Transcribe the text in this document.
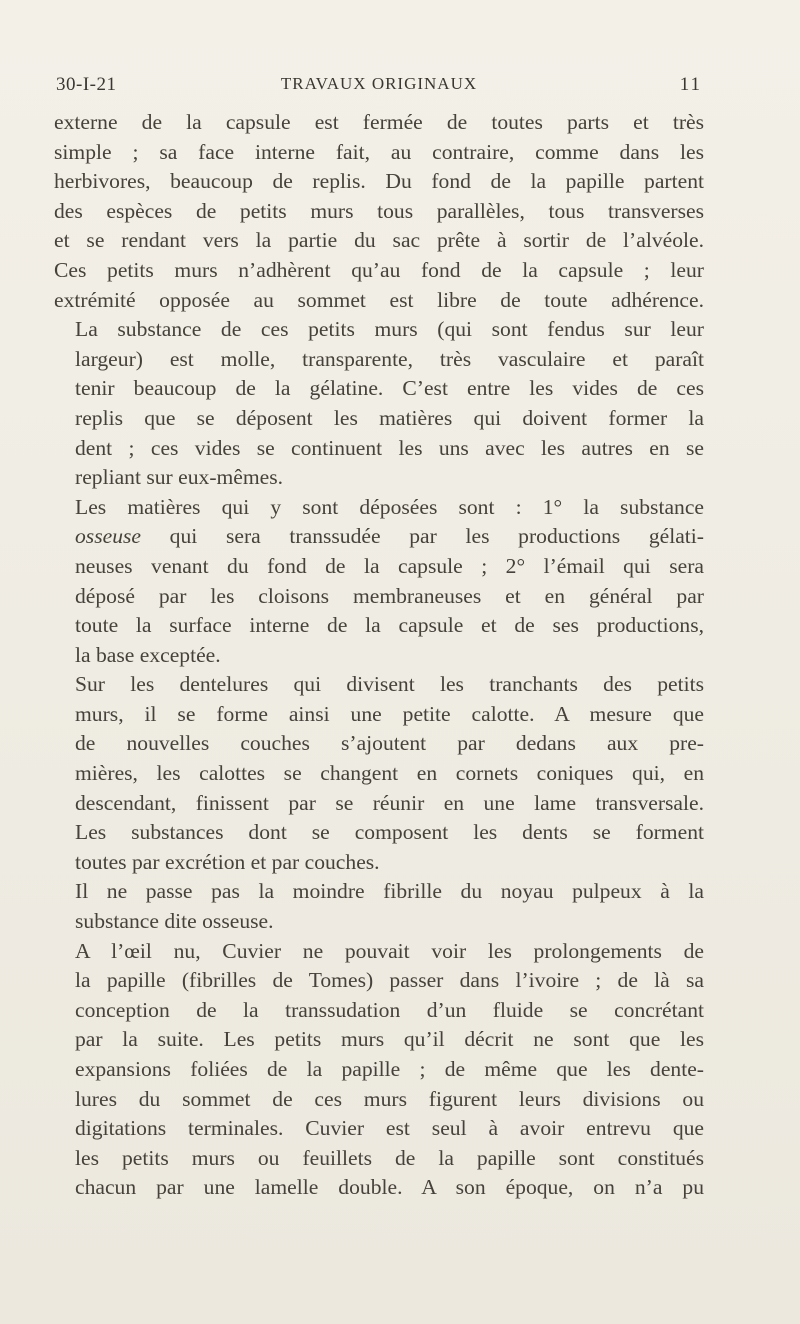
30-I-21	TRAVAUX ORIGINAUX	11

externe de la capsule est fermée de toutes parts et très
simple ; sa face interne fait, au contraire, comme dans les
herbivores, beaucoup de replis. Du fond de la papille partent
des espèces de petits murs tous parallèles, tous transverses
et se rendant vers la partie du sac prête à sortir de l’alvéole.
Ces petits murs n’adhèrent qu’au fond de la capsule ; leur
extrémité opposée au sommet est libre de toute adhérence.

La substance de ces petits murs (qui sont fendus sur leur
largeur) est molle, transparente, très vasculaire et paraît
tenir beaucoup de la gélatine. C’est entre les vides de ces
replis que se déposent les matières qui doivent former la
dent ; ces vides se continuent les uns avec les autres en se
repliant sur eux-mêmes.

Les matières qui y sont déposées sont : 1° la substance
osseuse qui sera transsudée par les productions gélati-
neuses venant du fond de la capsule ; 2° l’émail qui sera
déposé par les cloisons membraneuses et en général par
toute la surface interne de la capsule et de ses productions,
la base exceptée.

Sur les dentelures qui divisent les tranchants des petits
murs, il se forme ainsi une petite calotte. A mesure que
de nouvelles couches s’ajoutent par dedans aux pre-
mières, les calottes se changent en cornets coniques qui, en
descendant, finissent par se réunir en une lame transversale.

Les substances dont se composent les dents se forment
toutes par excrétion et par couches.

Il ne passe pas la moindre fibrille du noyau pulpeux à la
substance dite osseuse.

A l’œil nu, Cuvier ne pouvait voir les prolongements de
la papille (fibrilles de Tomes) passer dans l’ivoire ; de là sa
conception de la transsudation d’un fluide se concrétant
par la suite. Les petits murs qu’il décrit ne sont que les
expansions foliées de la papille ; de même que les dente-
lures du sommet de ces murs figurent leurs divisions ou
digitations terminales. Cuvier est seul à avoir entrevu que
les petits murs ou feuillets de la papille sont constitués
chacun par une lamelle double. A son époque, on n’a pu
